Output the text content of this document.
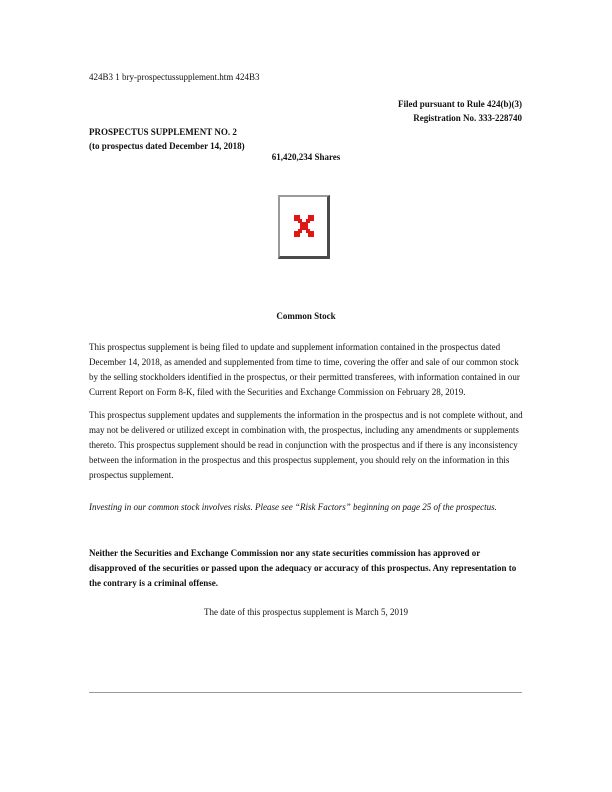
424B3 1 bry-prospectussupplement.htm 424B3
Filed pursuant to Rule 424(b)(3)
Registration No. 333-228740
PROSPECTUS SUPPLEMENT NO. 2
(to prospectus dated December 14, 2018)
61,420,234 Shares
Common Stock
This prospectus supplement is being filed to update and supplement information contained in the prospectus dated December 14, 2018, as amended and supplemented from time to time, covering the offer and sale of our common stock by the selling stockholders identified in the prospectus, or their permitted transferees, with information contained in our Current Report on Form 8-K, filed with the Securities and Exchange Commission on February 28, 2019.
This prospectus supplement updates and supplements the information in the prospectus and is not complete without, and may not be delivered or utilized except in combination with, the prospectus, including any amendments or supplements thereto. This prospectus supplement should be read in conjunction with the prospectus and if there is any inconsistency between the information in the prospectus and this prospectus supplement, you should rely on the information in this prospectus supplement.
Investing in our common stock involves risks. Please see “Risk Factors” beginning on page 25 of the prospectus.
Neither the Securities and Exchange Commission nor any state securities commission has approved or disapproved of the securities or passed upon the adequacy or accuracy of this prospectus. Any representation to the contrary is a criminal offense.
The date of this prospectus supplement is March 5, 2019
